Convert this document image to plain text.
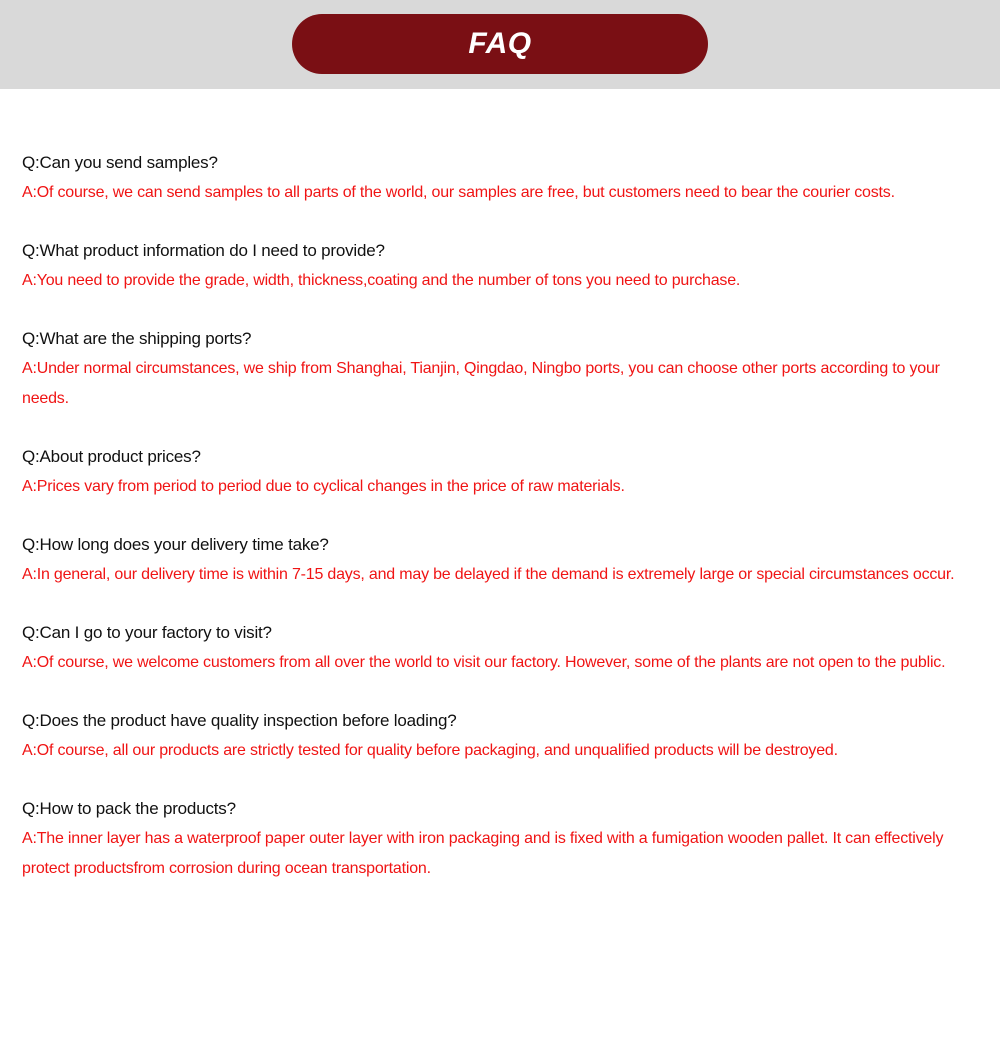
FAQ
Q:Can you send samples?
A:Of course, we can send samples to all parts of the world, our samples are free, but customers need to bear the courier costs.
Q:What product information do I need to provide?
A:You need to provide the grade, width, thickness,coating and the number of tons you need to purchase.
Q:What are the shipping ports?
A:Under normal circumstances, we ship from Shanghai, Tianjin, Qingdao, Ningbo ports, you can choose other ports according to your needs.
Q:About product prices?
A:Prices vary from period to period due to cyclical changes in the price of raw materials.
Q:How long does your delivery time take?
A:In general, our delivery time is within 7-15 days, and may be delayed if the demand is extremely large or special circumstances occur.
Q:Can I go to your factory to visit?
A:Of course, we welcome customers from all over the world to visit our factory. However, some of the plants are not open to the public.
Q:Does the product have quality inspection before loading?
A:Of course, all our products are strictly tested for quality before packaging, and unqualified products will be destroyed.
Q:How to pack the products?
A:The inner layer has a waterproof paper outer layer with iron packaging and is fixed with a fumigation wooden pallet. It can effectively protect productsfrom corrosion during ocean transportation.
